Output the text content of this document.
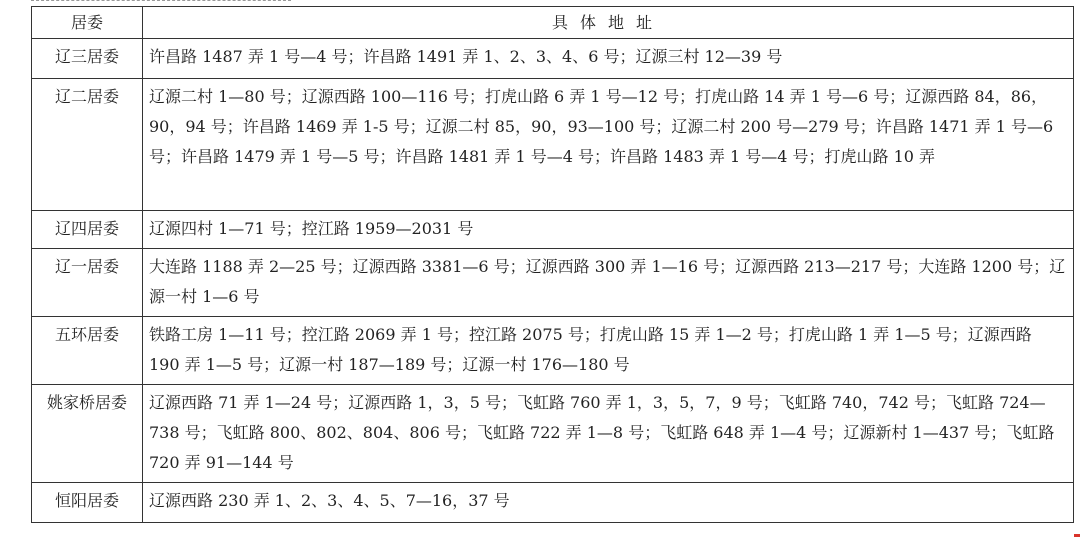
居委	具体地址
辽三居委	许昌路 1487 弄 1 号—4 号；许昌路 1491 弄 1、2、3、4、6 号；辽源三村 12—39 号
辽二居委	辽源二村 1—80 号；辽源西路 100—116 号；打虎山路 6 弄 1 号—12 号；打虎山路 14 弄 1 号—6 号；辽源西路 84，86，90，94 号；许昌路 1469 弄 1-5 号；辽源二村 85，90，93—100 号；辽源二村 200 号—279 号；许昌路 1471 弄 1 号—6 号；许昌路 1479 弄 1 号—5 号；许昌路 1481 弄 1 号—4 号；许昌路 1483 弄 1 号—4 号；打虎山路 10 弄
辽四居委	辽源四村 1—71 号；控江路 1959—2031 号
辽一居委	大连路 1188 弄 2—25 号；辽源西路 3381—6 号；辽源西路 300 弄 1—16 号；辽源西路 213—217 号；大连路 1200 号；辽源一村 1—6 号
五环居委	铁路工房 1—11 号；控江路 2069 弄 1 号；控江路 2075 号；打虎山路 15 弄 1—2 号；打虎山路 1 弄 1—5 号；辽源西路 190 弄 1—5 号；辽源一村 187—189 号；辽源一村 176—180 号
姚家桥居委	辽源西路 71 弄 1—24 号；辽源西路 1，3，5 号；飞虹路 760 弄 1，3，5，7，9 号；飞虹路 740，742 号；飞虹路 724—738 号；飞虹路 800、802、804、806 号；飞虹路 722 弄 1—8 号；飞虹路 648 弄 1—4 号；辽源新村 1—437 号；飞虹路 720 弄 91—144 号
恒阳居委	辽源西路 230 弄 1、2、3、4、5、7—16，37 号
